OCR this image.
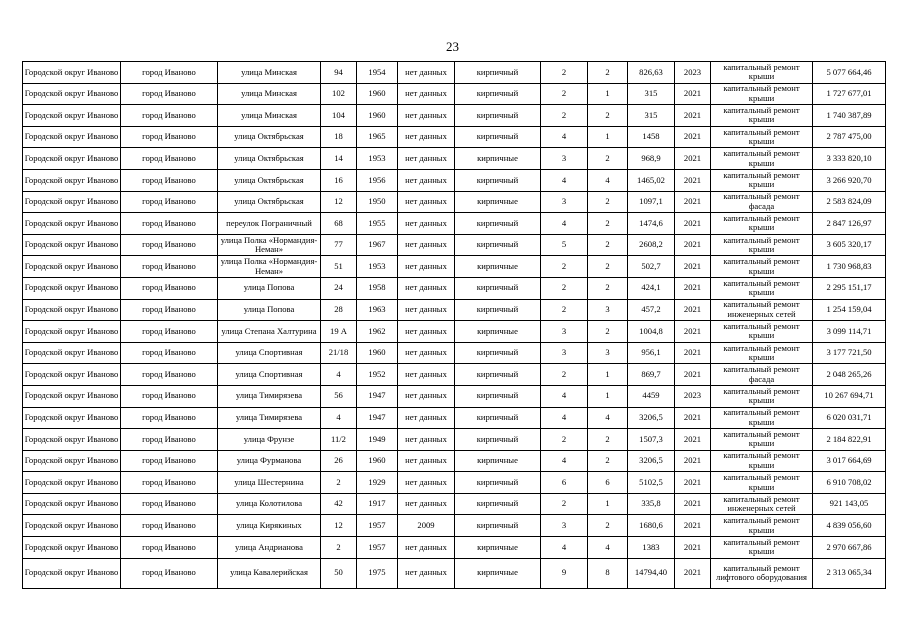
23
Городской округ Иваново	город Иваново	улица Минская	94	1954	нет данных	кирпичный	2	2	826,63	2023	капитальный ремонт крыши	5 077 664,46
Городской округ Иваново	город Иваново	улица Минская	102	1960	нет данных	кирпичный	2	1	315	2021	капитальный ремонт крыши	1 727 677,01
Городской округ Иваново	город Иваново	улица Минская	104	1960	нет данных	кирпичный	2	2	315	2021	капитальный ремонт крыши	1 740 387,89
Городской округ Иваново	город Иваново	улица Октябрьская	18	1965	нет данных	кирпичный	4	1	1458	2021	капитальный ремонт крыши	2 787 475,00
Городской округ Иваново	город Иваново	улица Октябрьская	14	1953	нет данных	кирпичные	3	2	968,9	2021	капитальный ремонт крыши	3 333 820,10
Городской округ Иваново	город Иваново	улица Октябрьская	16	1956	нет данных	кирпичный	4	4	1465,02	2021	капитальный ремонт крыши	3 266 920,70
Городской округ Иваново	город Иваново	улица Октябрьская	12	1950	нет данных	кирпичные	3	2	1097,1	2021	капитальный ремонт фасада	2 583 824,09
Городской округ Иваново	город Иваново	переулок Пограничный	68	1955	нет данных	кирпичный	4	2	1474,6	2021	капитальный ремонт крыши	2 847 126,97
Городской округ Иваново	город Иваново	улица Полка «Нормандия-Неман»	77	1967	нет данных	кирпичный	5	2	2608,2	2021	капитальный ремонт крыши	3 605 320,17
Городской округ Иваново	город Иваново	улица Полка «Нормандия-Неман»	51	1953	нет данных	кирпичные	2	2	502,7	2021	капитальный ремонт крыши	1 730 968,83
Городской округ Иваново	город Иваново	улица Попова	24	1958	нет данных	кирпичный	2	2	424,1	2021	капитальный ремонт крыши	2 295 151,17
Городской округ Иваново	город Иваново	улица Попова	28	1963	нет данных	кирпичный	2	3	457,2	2021	капитальный ремонт инженерных сетей	1 254 159,04
Городской округ Иваново	город Иваново	улица Степана Халтурина	19 А	1962	нет данных	кирпичные	3	2	1004,8	2021	капитальный ремонт крыши	3 099 114,71
Городской округ Иваново	город Иваново	улица Спортивная	21/18	1960	нет данных	кирпичный	3	3	956,1	2021	капитальный ремонт крыши	3 177 721,50
Городской округ Иваново	город Иваново	улица Спортивная	4	1952	нет данных	кирпичный	2	1	869,7	2021	капитальный ремонт фасада	2 048 265,26
Городской округ Иваново	город Иваново	улица Тимирязева	56	1947	нет данных	кирпичный	4	1	4459	2023	капитальный ремонт крыши	10 267 694,71
Городской округ Иваново	город Иваново	улица Тимирязева	4	1947	нет данных	кирпичный	4	4	3206,5	2021	капитальный ремонт крыши	6 020 031,71
Городской округ Иваново	город Иваново	улица Фрунзе	11/2	1949	нет данных	кирпичный	2	2	1507,3	2021	капитальный ремонт крыши	2 184 822,91
Городской округ Иваново	город Иваново	улица Фурманова	26	1960	нет данных	кирпичные	4	2	3206,5	2021	капитальный ремонт крыши	3 017 664,69
Городской округ Иваново	город Иваново	улица Шестернина	2	1929	нет данных	кирпичный	6	6	5102,5	2021	капитальный ремонт крыши	6 910 708,02
Городской округ Иваново	город Иваново	улица Колотилова	42	1917	нет данных	кирпичный	2	1	335,8	2021	капитальный ремонт инженерных сетей	921 143,05
Городской округ Иваново	город Иваново	улица Кирякиных	12	1957	2009	кирпичный	3	2	1680,6	2021	капитальный ремонт крыши	4 839 056,60
Городской округ Иваново	город Иваново	улица Андрианова	2	1957	нет данных	кирпичные	4	4	1383	2021	капитальный ремонт крыши	2 970 667,86
Городской округ Иваново	город Иваново	улица Кавалерийская	50	1975	нет данных	кирпичные	9	8	14794,40	2021	капитальный ремонт лифтового оборудования	2 313 065,34
